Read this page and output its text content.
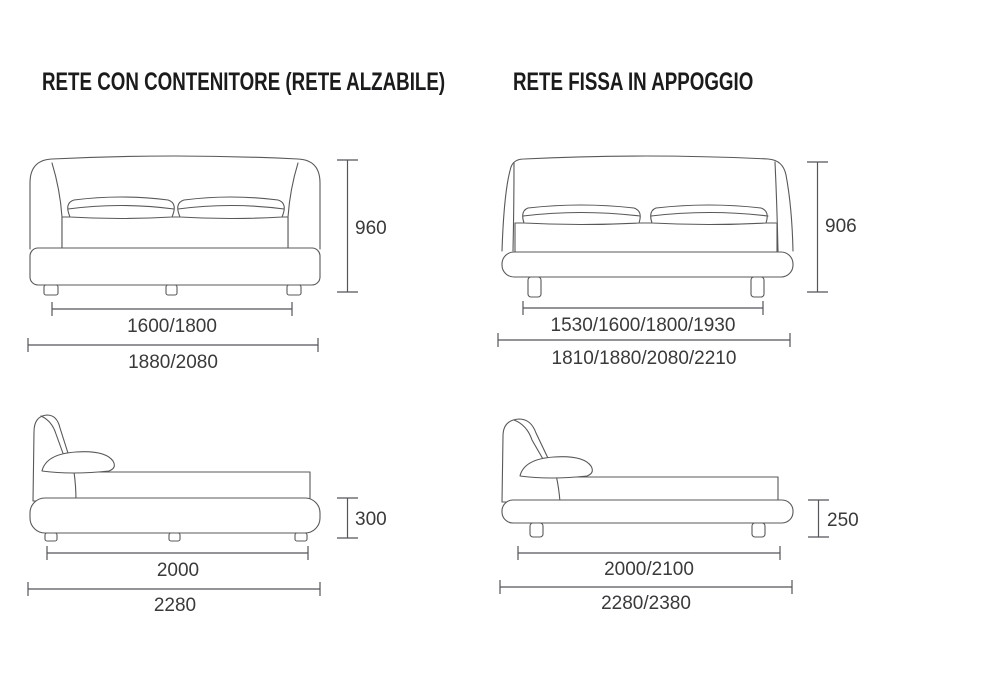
RETE CON CONTENITORE (RETE ALZABILE)	RETE FISSA IN APPOGGIO
960
1600/1800
1880/2080
906
1530/1600/1800/1930
1810/1880/2080/2210
300
2000
2280
250
2000/2100
2280/2380
